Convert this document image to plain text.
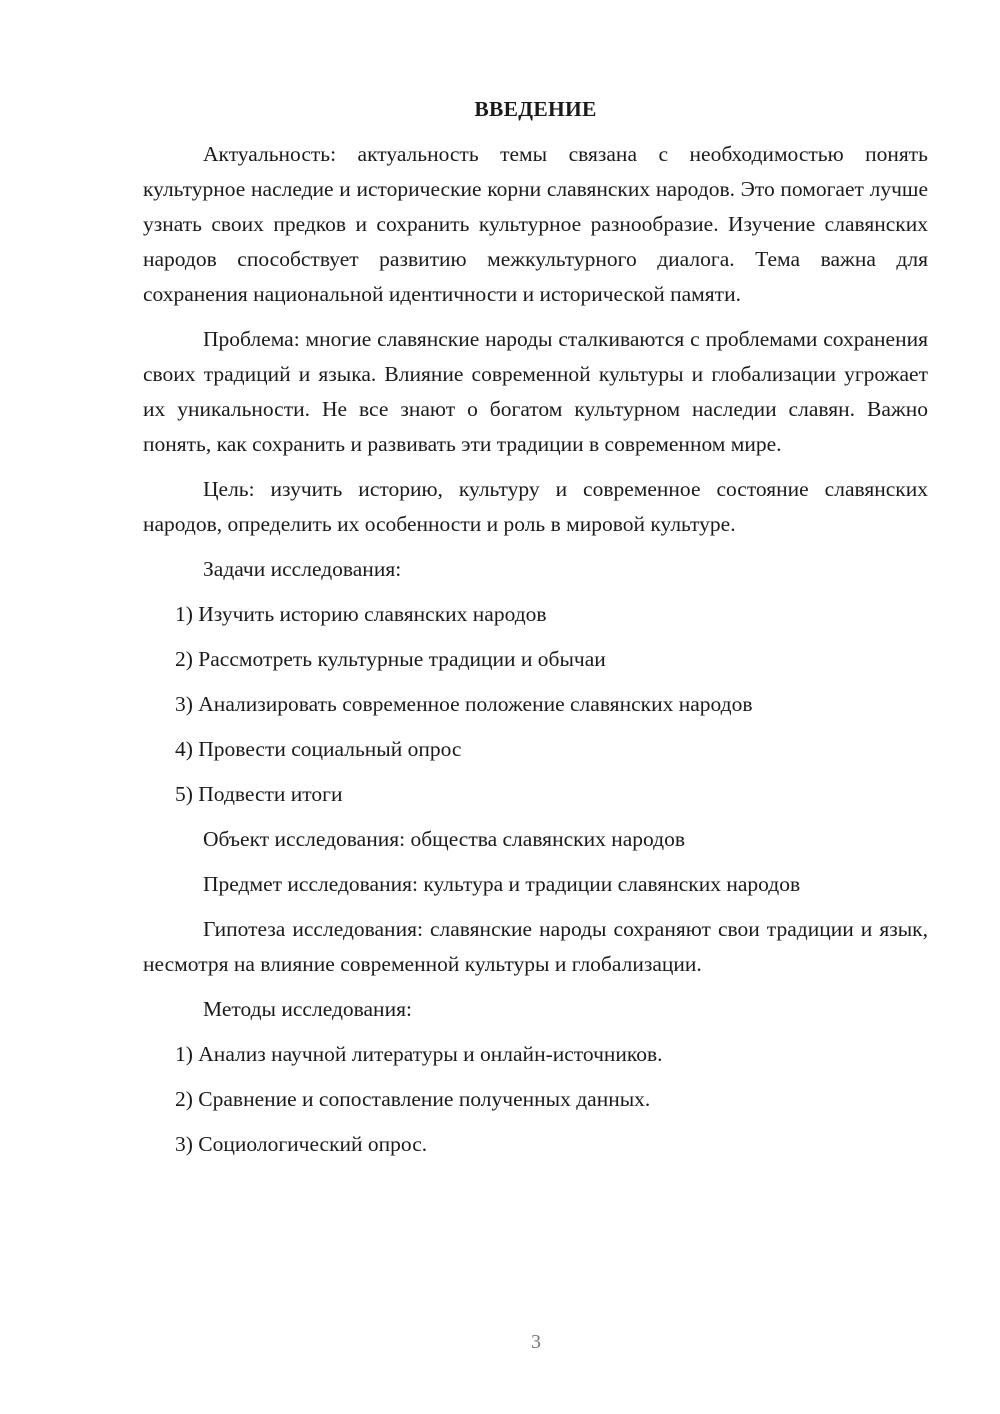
ВВЕДЕНИЕ

Актуальность: актуальность темы связана с необходимостью понять культурное наследие и исторические корни славянских народов. Это помогает лучше узнать своих предков и сохранить культурное разнообразие. Изучение славянских народов способствует развитию межкультурного диалога. Тема важна для сохранения национальной идентичности и исторической памяти.

Проблема: многие славянские народы сталкиваются с проблемами сохранения своих традиций и языка. Влияние современной культуры и глобализации угрожает их уникальности. Не все знают о богатом культурном наследии славян. Важно понять, как сохранить и развивать эти традиции в современном мире.

Цель: изучить историю, культуру и современное состояние славянских народов, определить их особенности и роль в мировой культуре.

Задачи исследования:

1) Изучить историю славянских народов

2) Рассмотреть культурные традиции и обычаи

3) Анализировать современное положение славянских народов

4) Провести социальный опрос

5) Подвести итоги

Объект исследования: общества славянских народов

Предмет исследования: культура и традиции славянских народов

Гипотеза исследования: славянские народы сохраняют свои традиции и язык, несмотря на влияние современной культуры и глобализации.

Методы исследования:

1) Анализ научной литературы и онлайн-источников.

2) Сравнение и сопоставление полученных данных.

3) Социологический опрос.

3
